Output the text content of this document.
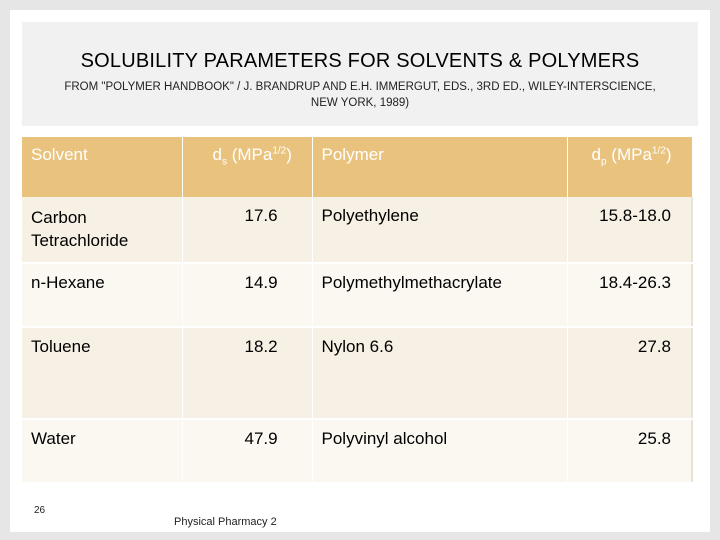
SOLUBILITY PARAMETERS FOR SOLVENTS & POLYMERS
FROM "POLYMER HANDBOOK" / J. BRANDRUP AND E.H. IMMERGUT, EDS., 3RD ED., WILEY-INTERSCIENCE, NEW YORK, 1989)
Solvent	$d_s$ (MPa$^{1/2}$)	Polymer	$d_p$ (MPa$^{1/2}$)
Carbon Tetrachloride	17.6	Polyethylene	15.8-18.0
n-Hexane	14.9	Polymethylmethacrylate	18.4-26.3
Toluene	18.2	Nylon 6.6	27.8
Water	47.9	Polyvinyl alcohol	25.8
26
Physical Pharmacy 2
